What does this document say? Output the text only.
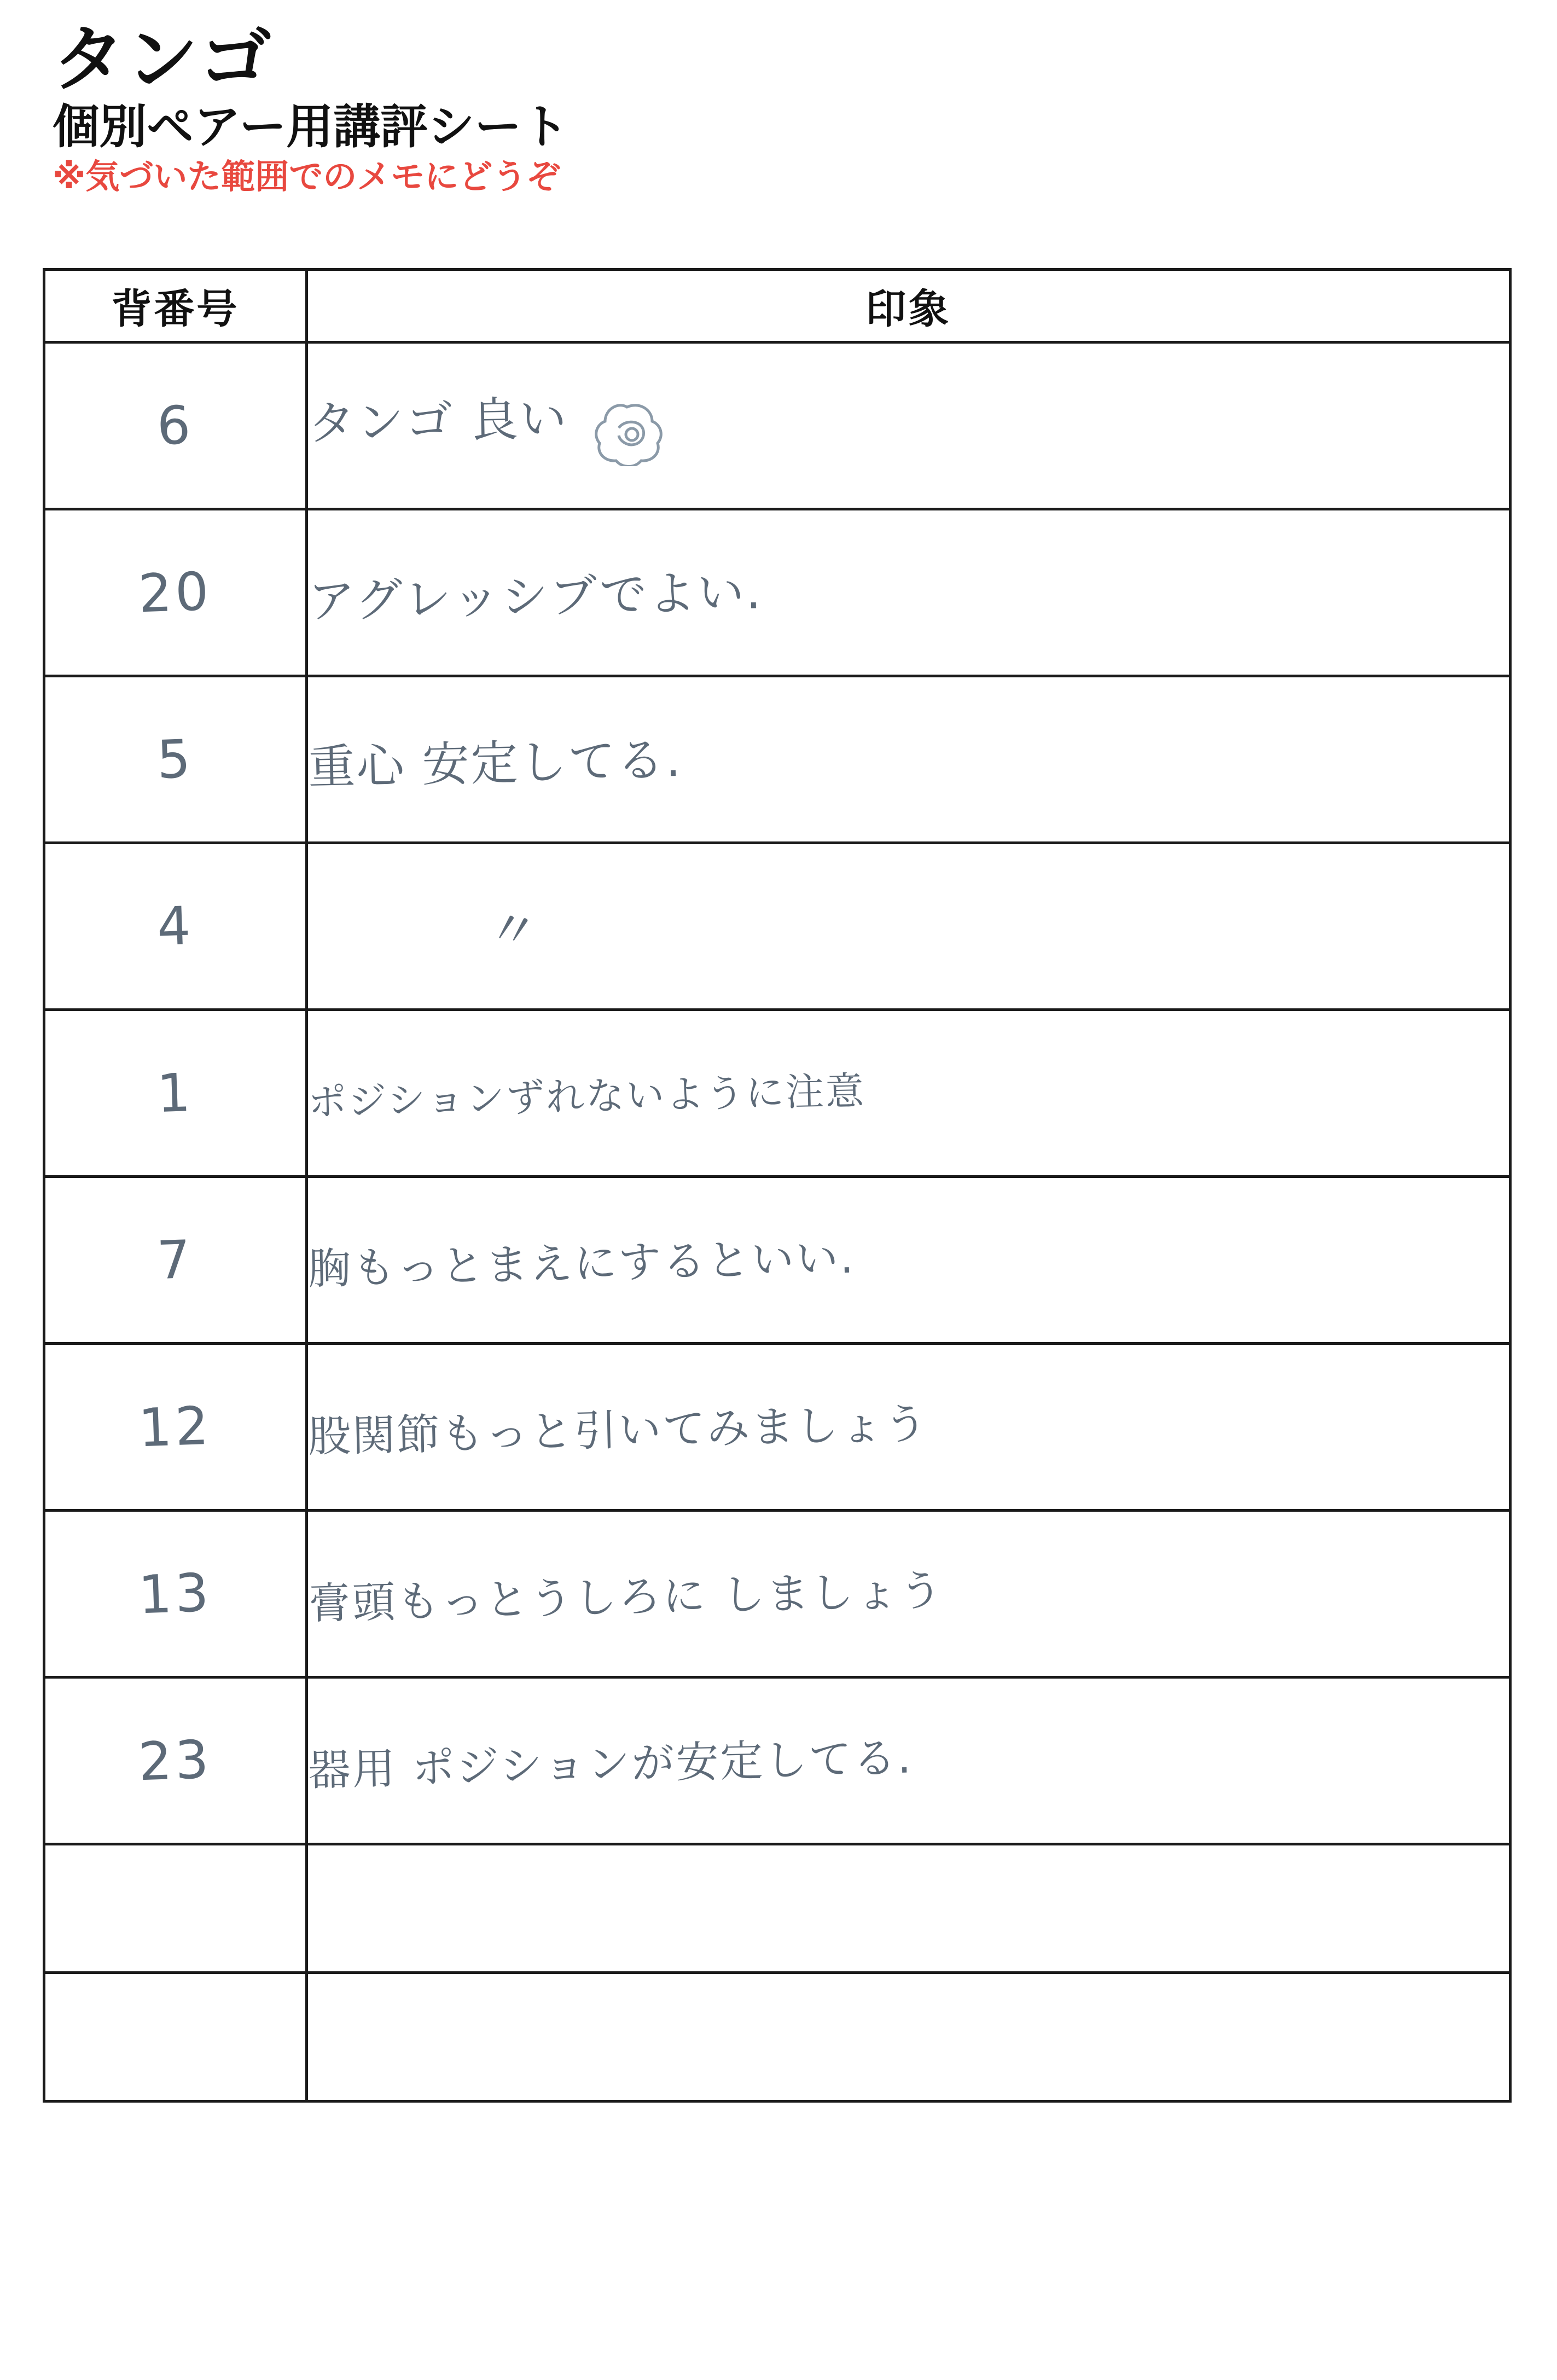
タンゴ
個別ペアー用講評シート
※気づいた範囲でのメモにどうぞ
背番号	印象
6	タンゴ 良い
20	アグレッシブでよい.
5	重心 安定してる.
4	〃
1	ポジションずれないように注意
7	胸もっとまえにするといい.
12	股関節もっと引いてみましょう
13	膏頭もっとうしろに しましょう
23	器用 ポジションが安定してる.
